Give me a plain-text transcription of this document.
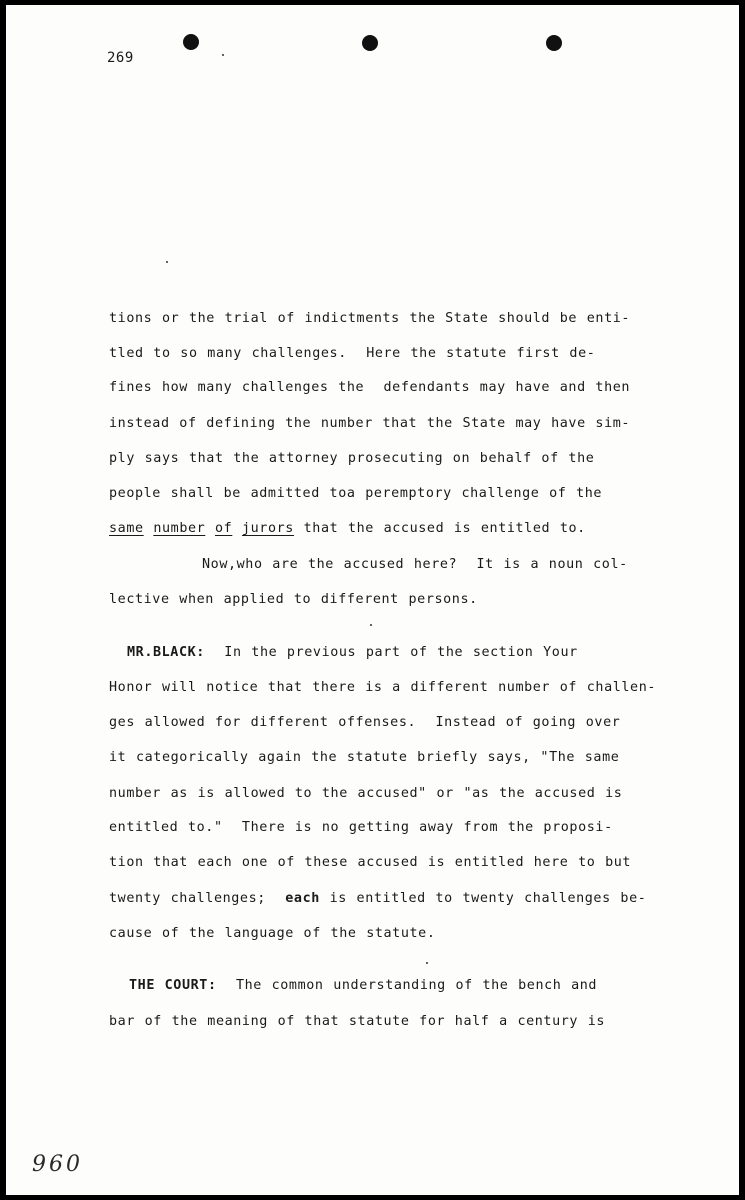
269
tions or the trial of indictments the State should be enti-
tled to so many challenges.  Here the statute first de-
fines how many challenges the  defendants may have and then
instead of defining the number that the State may have sim-
ply says that the attorney prosecuting on behalf of the
people shall be admitted toa peremptory challenge of the
same number of jurors that the accused is entitled to.
Now,who are the accused here?  It is a noun col-
lective when applied to different persons.
MR.BLACK:  In the previous part of the section Your
Honor will notice that there is a different number of challen-
ges allowed for different offenses.  Instead of going over
it categorically again the statute briefly says, "The same
number as is allowed to the accused" or "as the accused is
entitled to."  There is no getting away from the proposi-
tion that each one of these accused is entitled here to but
twenty challenges;  each is entitled to twenty challenges be-
cause of the language of the statute.
THE COURT:  The common understanding of the bench and
bar of the meaning of that statute for half a century is
960
